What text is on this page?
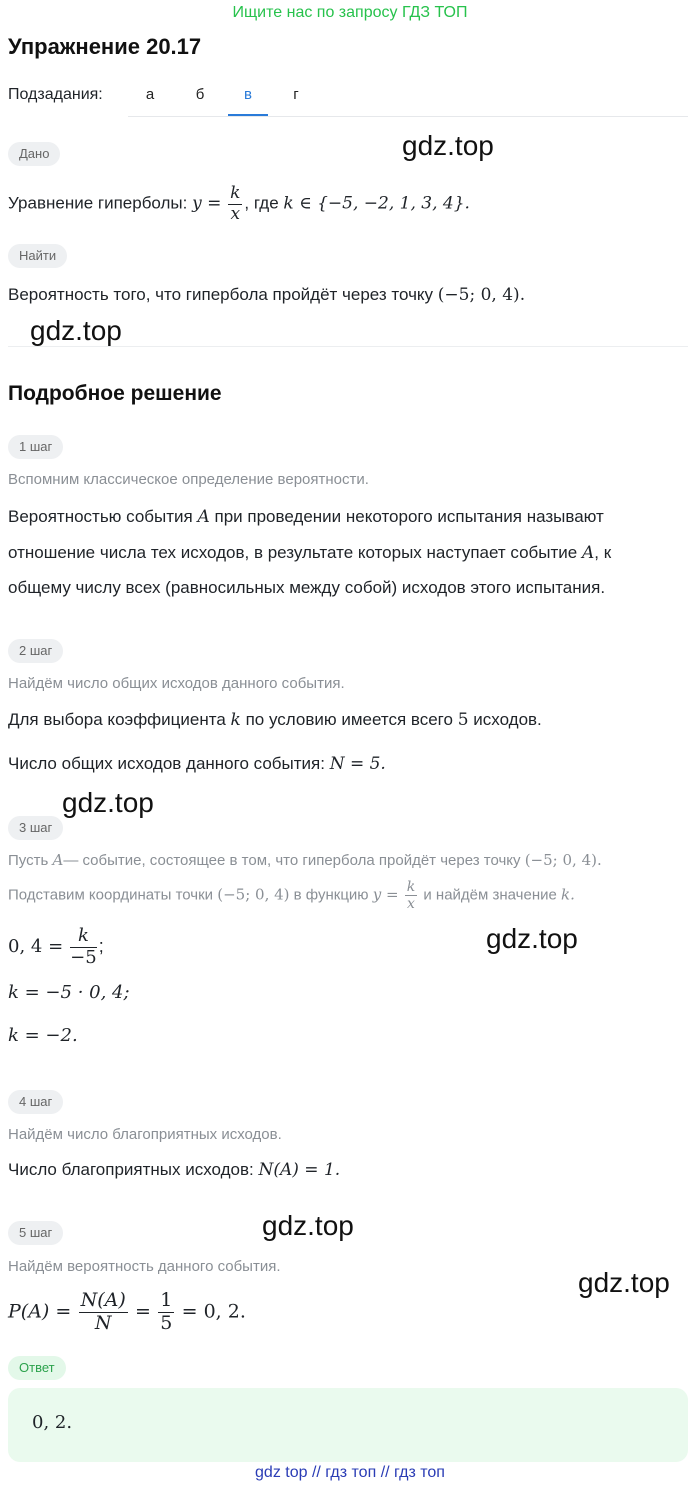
Ищите нас по запросу ГДЗ ТОП
Упражнение 20.17
Подзадания:	а	б	в	г
Дано
Уравнение гиперболы: $y = \frac{k}{x}$ , где k ∈ {−5, −2, 1, 3, 4}.
Найти
Вероятность того, что гипербола пройдёт через точку (−5; 0, 4).
Подробное решение
1 шаг
Вспомним классическое определение вероятности.
Вероятностью события A при проведении некоторого испытания называют
отношение числа тех исходов, в результате которых наступает событие A, к
общему числу всех (равносильных между собой) исходов этого испытания.
2 шаг
Найдём число общих исходов данного события.
Для выбора коэффициента k по условию имеется всего 5 исходов.
Число общих исходов данного события: N = 5.
3 шаг
Пусть A— событие, состоящее в том, что гипербола пройдёт через точку (−5; 0, 4).
Подставим координаты точки (−5; 0, 4) в функцию $y = \frac{k}{x}$ и найдём значение k.
0, $4 = \frac{k}{-5}$ ;
k = −5 · 0, 4;
k = −2.
4 шаг
Найдём число благоприятных исходов.
Число благоприятных исходов: N(A) = 1.
5 шаг
Найдём вероятность данного события.
$P(A) = \frac{N(A)}{N} = \frac{1}{5} = 0$, 2.
Ответ
0, 2.
gdz.top
gdz.top
gdz.top
gdz.top
gdz.top
gdz.top
gdz top // гдз топ // гдз топ
